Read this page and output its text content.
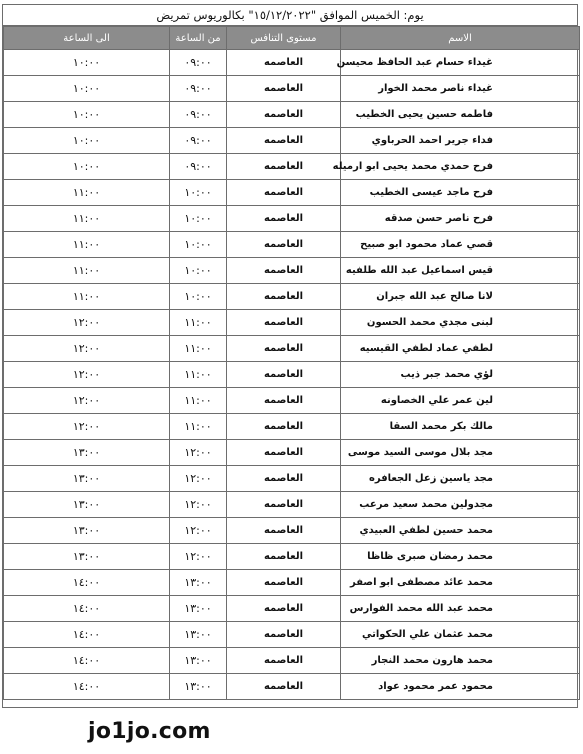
يوم: الخميس الموافق "١٥/١٢/٢٠٢٢" بكالوريوس تمريض
الاسم	مستوى التنافس	من الساعة	الى الساعة
غيداء حسام عبد الحافظ محيسن	العاصمه	٠٩:٠٠	١٠:٠٠
غيداء ناصر محمد الخوار	العاصمه	٠٩:٠٠	١٠:٠٠
فاطمه حسين يحيى الخطيب	العاصمه	٠٩:٠٠	١٠:٠٠
فداء جرير احمد الحرباوي	العاصمه	٠٩:٠٠	١٠:٠٠
فرح حمدي محمد يحيى ابو ارميله	العاصمه	٠٩:٠٠	١٠:٠٠
فرح ماجد عيسى الخطيب	العاصمه	١٠:٠٠	١١:٠٠
فرح ناصر حسن صدقه	العاصمه	١٠:٠٠	١١:٠٠
قصي عماد محمود ابو صبيح	العاصمه	١٠:٠٠	١١:٠٠
قيس اسماعيل عبد الله طلفيه	العاصمه	١٠:٠٠	١١:٠٠
لانا صالح عبد الله جبران	العاصمه	١٠:٠٠	١١:٠٠
لبنى مجدي محمد الحسون	العاصمه	١١:٠٠	١٢:٠٠
لطفي عماد لطفي القيسيه	العاصمه	١١:٠٠	١٢:٠٠
لؤي محمد جبر ذيب	العاصمه	١١:٠٠	١٢:٠٠
لين عمر علي الخصاونه	العاصمه	١١:٠٠	١٢:٠٠
مالك بكر محمد السقا	العاصمه	١١:٠٠	١٢:٠٠
مجد بلال موسى السيد موسى	العاصمه	١٢:٠٠	١٣:٠٠
مجد ياسين زعل الجعافره	العاصمه	١٢:٠٠	١٣:٠٠
مجدولين محمد سعيد مرعب	العاصمه	١٢:٠٠	١٣:٠٠
محمد حسين لطفي العبيدي	العاصمه	١٢:٠٠	١٣:٠٠
محمد رمضان صبرى ظاظا	العاصمه	١٢:٠٠	١٣:٠٠
محمد عائد مصطفى ابو اصفر	العاصمه	١٣:٠٠	١٤:٠٠
محمد عبد الله محمد الفوارس	العاصمه	١٣:٠٠	١٤:٠٠
محمد عثمان علي الحكواتي	العاصمه	١٣:٠٠	١٤:٠٠
محمد هارون محمد النجار	العاصمه	١٣:٠٠	١٤:٠٠
محمود عمر محمود عواد	العاصمه	١٣:٠٠	١٤:٠٠
jo1jo.com
